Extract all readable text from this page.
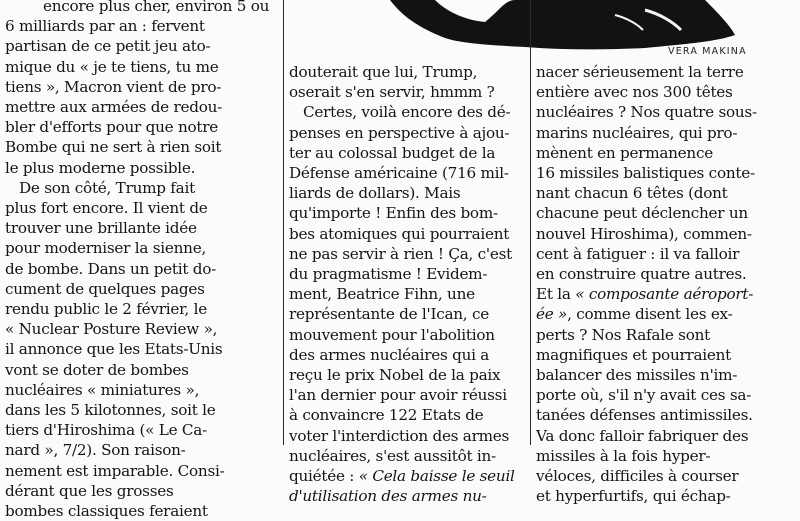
VERA MAKINA
encore plus cher, environ 5 ou
6 milliards par an : fervent
partisan de ce petit jeu ato-
mique du « je te tiens, tu me
tiens », Macron vient de pro-
mettre aux armées de redou-
bler d'efforts pour que notre
Bombe qui ne sert à rien soit
le plus moderne possible.
De son côté, Trump fait
plus fort encore. Il vient de
trouver une brillante idée
pour moderniser la sienne,
de bombe. Dans un petit do-
cument de quelques pages
rendu public le 2 février, le
« Nuclear Posture Review »,
il annonce que les Etats-Unis
vont se doter de bombes
nucléaires « miniatures »,
dans les 5 kilotonnes, soit le
tiers d'Hiroshima (« Le Ca-
nard », 7/2). Son raison-
nement est imparable. Consi-
dérant que les grosses
bombes classiques feraient
douterait que lui, Trump,
oserait s'en servir, hmmm ?
Certes, voilà encore des dé-
penses en perspective à ajou-
ter au colossal budget de la
Défense américaine (716 mil-
liards de dollars). Mais
qu'importe ! Enfin des bom-
bes atomiques qui pourraient
ne pas servir à rien ! Ça, c'est
du pragmatisme ! Evidem-
ment, Beatrice Fihn, une
représentante de l'Ican, ce
mouvement pour l'abolition
des armes nucléaires qui a
reçu le prix Nobel de la paix
l'an dernier pour avoir réussi
à convaincre 122 Etats de
voter l'interdiction des armes
nucléaires, s'est aussitôt in-
quiétée : « Cela baisse le seuil
d'utilisation des armes nu-
nacer sérieusement la terre
entière avec nos 300 têtes
nucléaires ? Nos quatre sous-
marins nucléaires, qui pro-
mènent en permanence
16 missiles balistiques conte-
nant chacun 6 têtes (dont
chacune peut déclencher un
nouvel Hiroshima), commen-
cent à fatiguer : il va falloir
en construire quatre autres.
Et la « composante aéroport-
ée », comme disent les ex-
perts ? Nos Rafale sont
magnifiques et pourraient
balancer des missiles n'im-
porte où, s'il n'y avait ces sa-
tanées défenses antimissiles.
Va donc falloir fabriquer des
missiles à la fois hyper-
véloces, difficiles à courser
et hyperfurtifs, qui échap-
